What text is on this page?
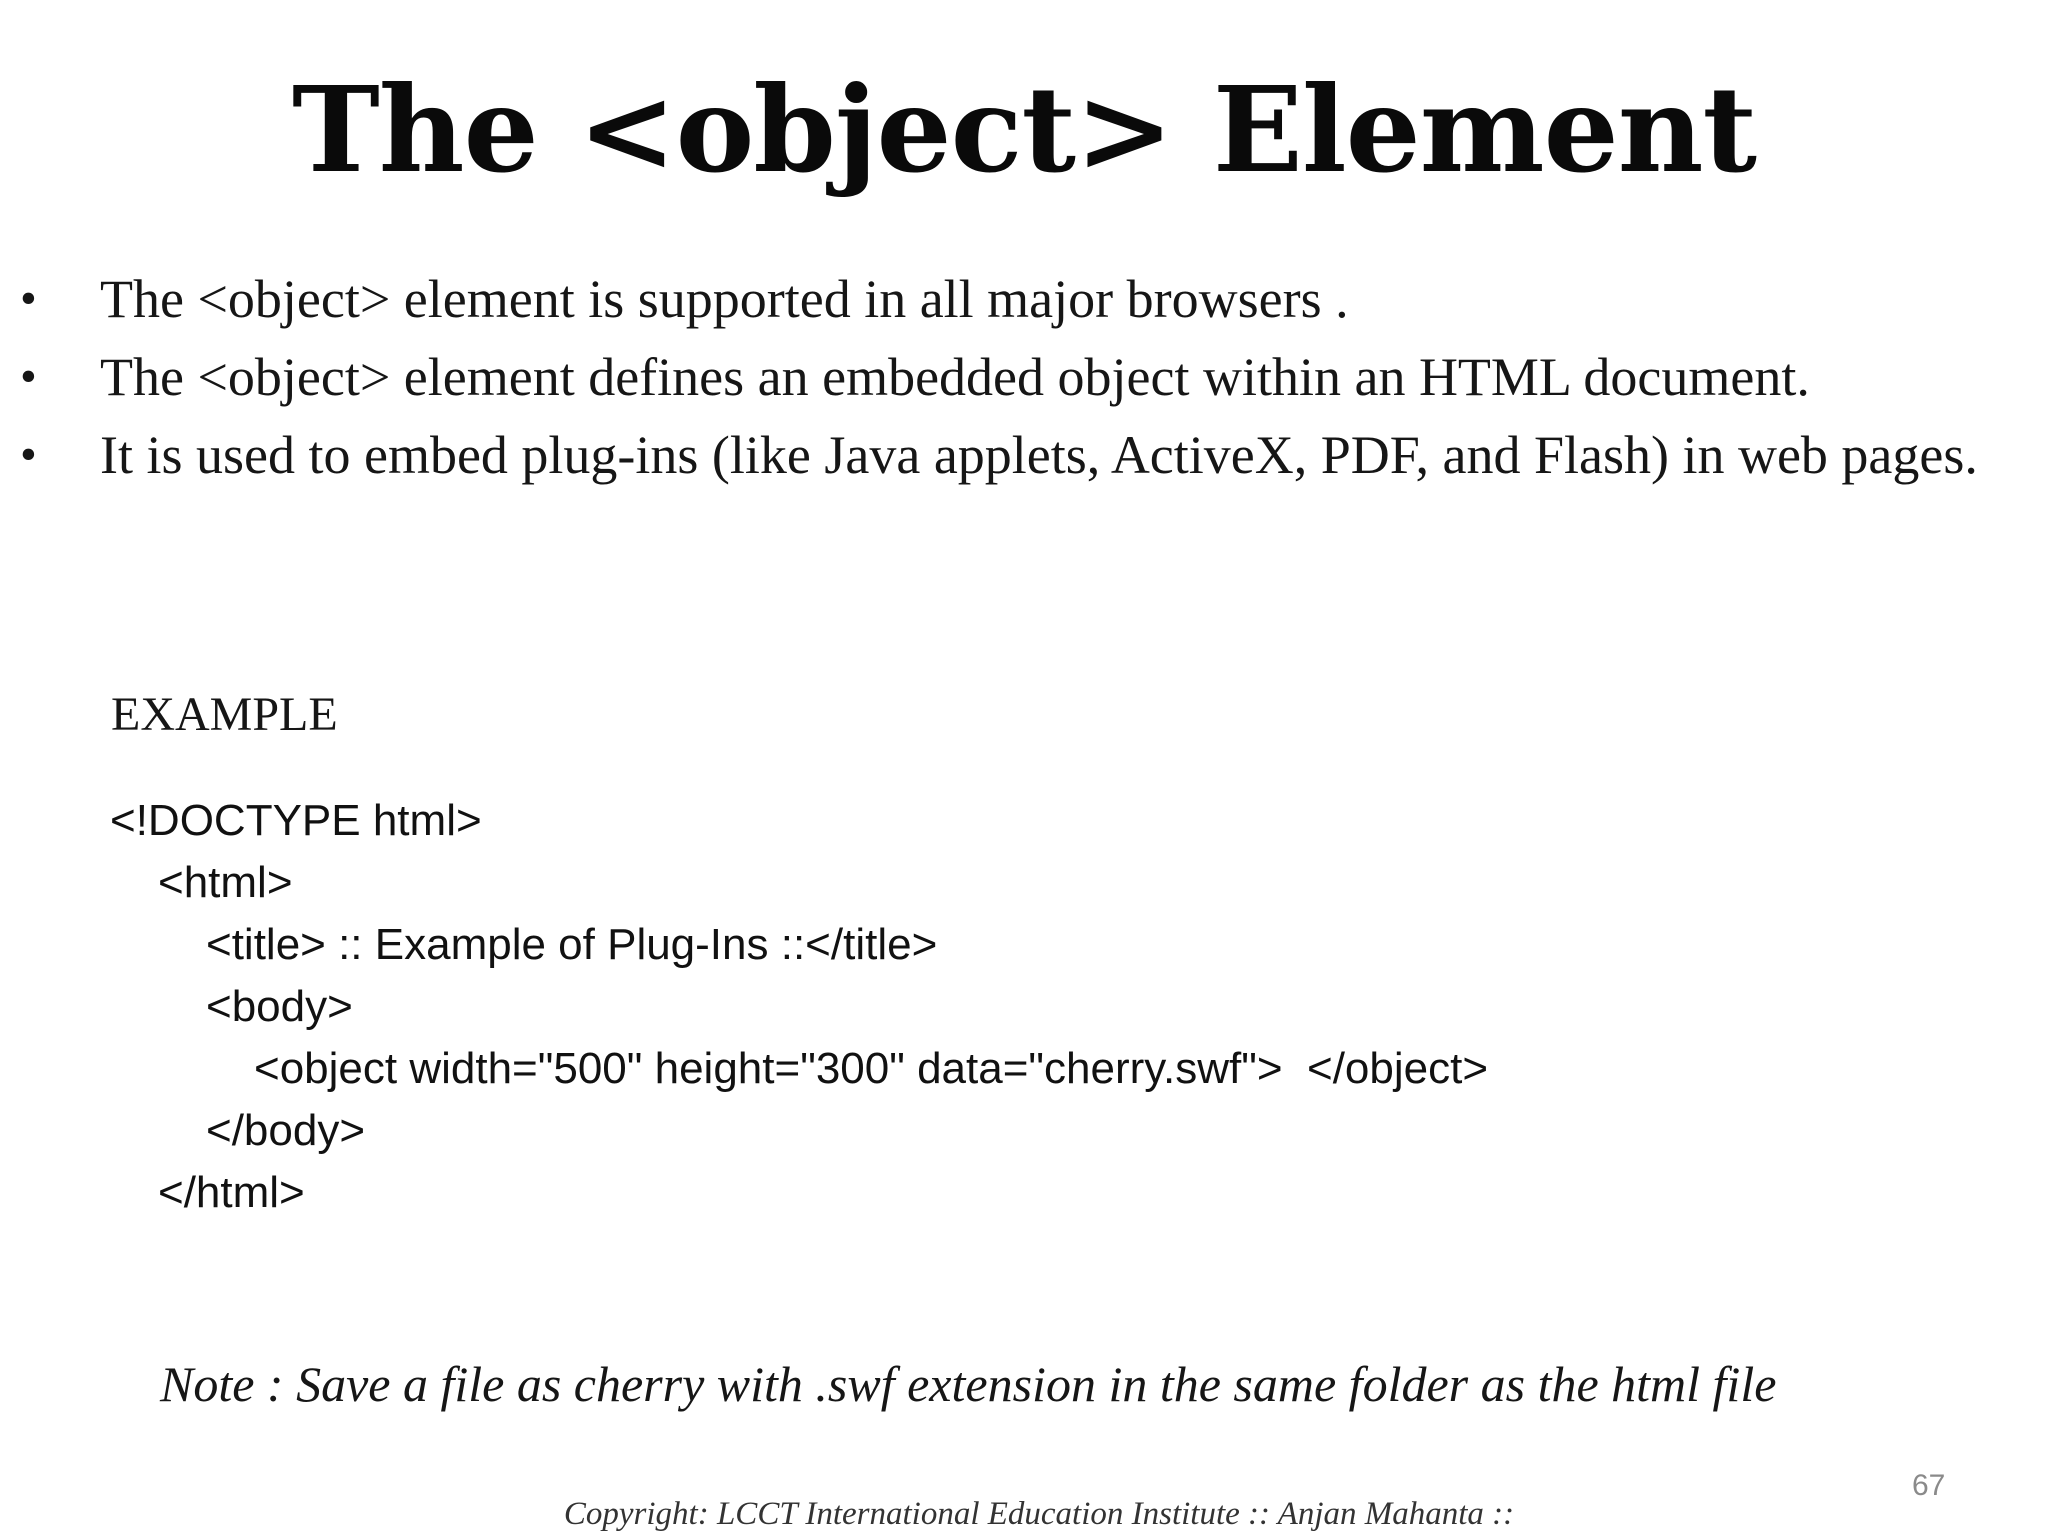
The <object> Element
• The <object> element is supported in all major browsers .
• The <object> element defines an embedded object within an HTML document.
• It is used to embed plug-ins (like Java applets, ActiveX, PDF, and Flash) in web pages.
EXAMPLE
<!DOCTYPE html>
<html>
<title> :: Example of Plug-Ins ::</title>
<body>
<object width="500" height="300" data="cherry.swf">  </object>
</body>
</html>
Note : Save a file as cherry with .swf extension in the same folder as the html file
67
Copyright: LCCT International Education Institute :: Anjan Mahanta ::
